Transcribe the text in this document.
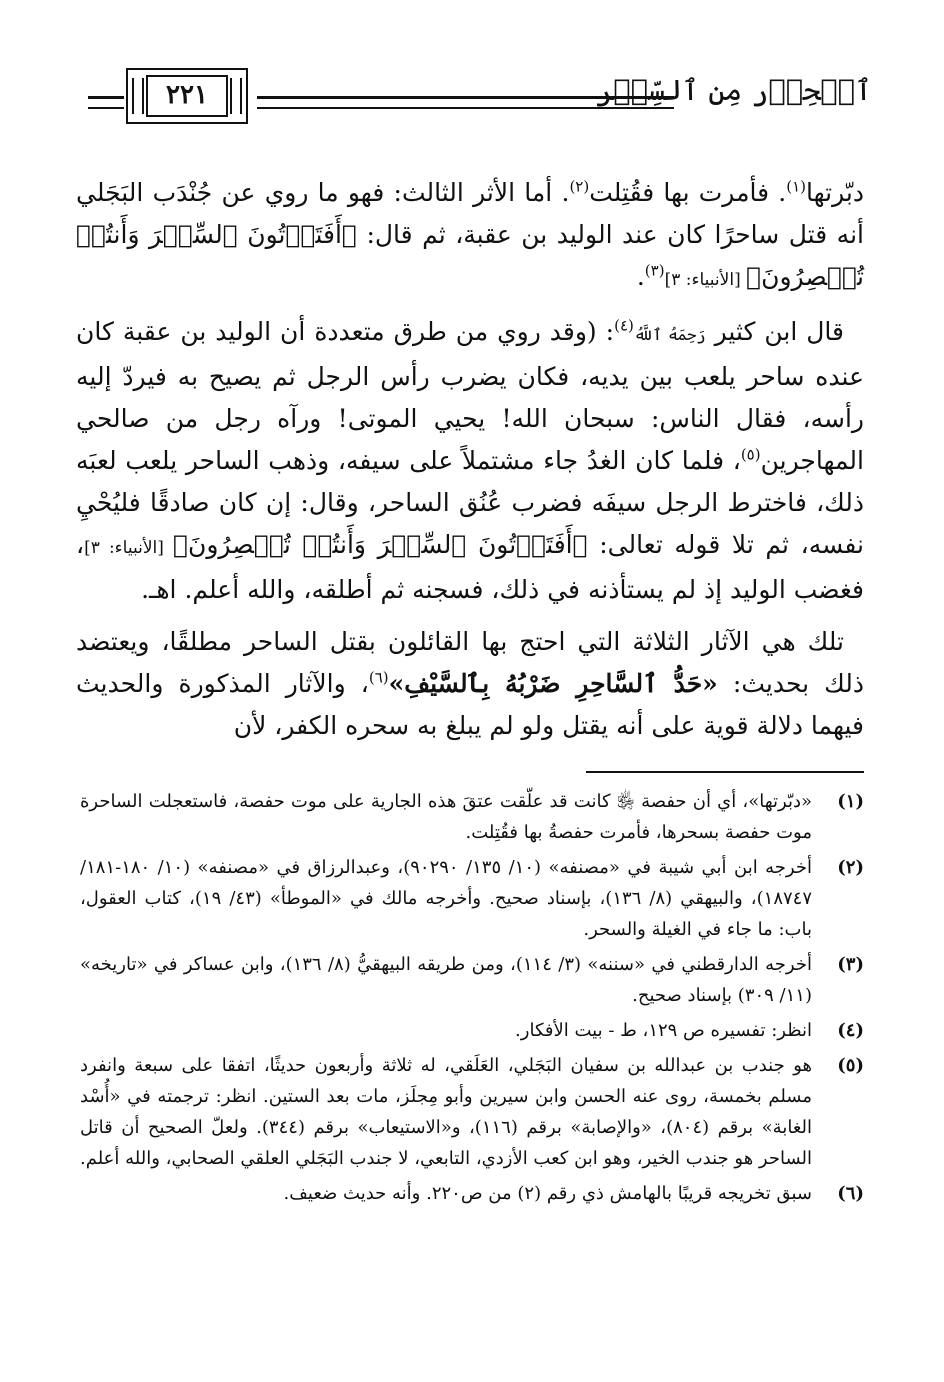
ٱلۡحِذۡر مِن ٱلسِّحۡر
٢٢١

دبّرتها$^{(١)}$. فأمرت بها فقُتِلت$^{(٢)}$. أما الأثر الثالث: فهو ما روي عن جُنْدَب البَجَلي أنه قتل ساحرًا كان عند الوليد بن عقبة، ثم قال: ﴿أَفَتَأۡتُونَ ٱلسِّحۡرَ وَأَنتُمۡ تُبۡصِرُونَ﴾ [الأنبياء: ٣]$^{(٣)}$.

قال ابن كثير رَحِمَهُ ٱللَّهُ$^{(٤)}$: (وقد روي من طرق متعددة أن الوليد بن عقبة كان عنده ساحر يلعب بين يديه، فكان يضرب رأس الرجل ثم يصيح به فيردّ إليه رأسه، فقال الناس: سبحان الله! يحيي الموتى! ورآه رجل من صالحي المهاجرين$^{(٥)}$، فلما كان الغدُ جاء مشتملاً على سيفه، وذهب الساحر يلعب لعبَه ذلك، فاخترط الرجل سيفَه فضرب عُنُق الساحر، وقال: إن كان صادقًا فليُحْيِ نفسه، ثم تلا قوله تعالى: ﴿أَفَتَأۡتُونَ ٱلسِّحۡرَ وَأَنتُمۡ تُبۡصِرُونَ﴾ [الأنبياء: ٣]، فغضب الوليد إذ لم يستأذنه في ذلك، فسجنه ثم أطلقه، والله أعلم. اهـ.

تلك هي الآثار الثلاثة التي احتج بها القائلون بقتل الساحر مطلقًا، ويعتضد ذلك بحديث: «حَدُّ ٱلسَّاحِرِ ضَرْبُهُ بِٱلسَّيْفِ»$^{(٦)}$، والآثار المذكورة والحديث فيهما دلالة قوية على أنه يقتل ولو لم يبلغ به سحره الكفر، لأن

(١)
«دبّرتها»، أي أن حفصة ﵂ كانت قد علّقت عتقَ هذه الجارية على موت حفصة، فاستعجلت الساحرة موت حفصة بسحرها، فأمرت حفصةُ بها فقُتِلت.
(٢)
أخرجه ابن أبي شيبة في «مصنفه» (١٠/ ١٣٥/ ٩٠٢٩٠)، وعبدالرزاق في «مصنفه» (١٠/ ١٨٠-١٨١/ ١٨٧٤٧)، والبيهقي (٨/ ١٣٦)، بإسناد صحيح. وأخرجه مالك في «الموطأ» (٤٣/ ١٩)، كتاب العقول، باب: ما جاء في الغيلة والسحر.
(٣)
أخرجه الدارقطني في «سننه» (٣/ ١١٤)، ومن طريقه البيهقيُّ (٨/ ١٣٦)، وابن عساكر في «تاريخه» (١١/ ٣٠٩) بإسناد صحيح.
(٤)
انظر: تفسيره ص ١٢٩، ط - بيت الأفكار.
(٥)
هو جندب بن عبدالله بن سفيان البَجَلي، العَلَقي، له ثلاثة وأربعون حديثًا، اتفقا على سبعة وانفرد مسلم بخمسة، روى عنه الحسن وابن سيرين وأبو مِجلَز، مات بعد الستين. انظر: ترجمته في «أُسْد الغابة» برقم (٨٠٤)، «والإصابة» برقم (١١٦)، و«الاستيعاب» برقم (٣٤٤). ولعلّ الصحيح أن قاتل الساحر هو جندب الخير، وهو ابن كعب الأزدي، التابعي، لا جندب البَجَلي العلقي الصحابي، والله أعلم.
(٦)
سبق تخريجه قريبًا بالهامش ذي رقم (٢) من ص٢٢٠. وأنه حديث ضعيف.
